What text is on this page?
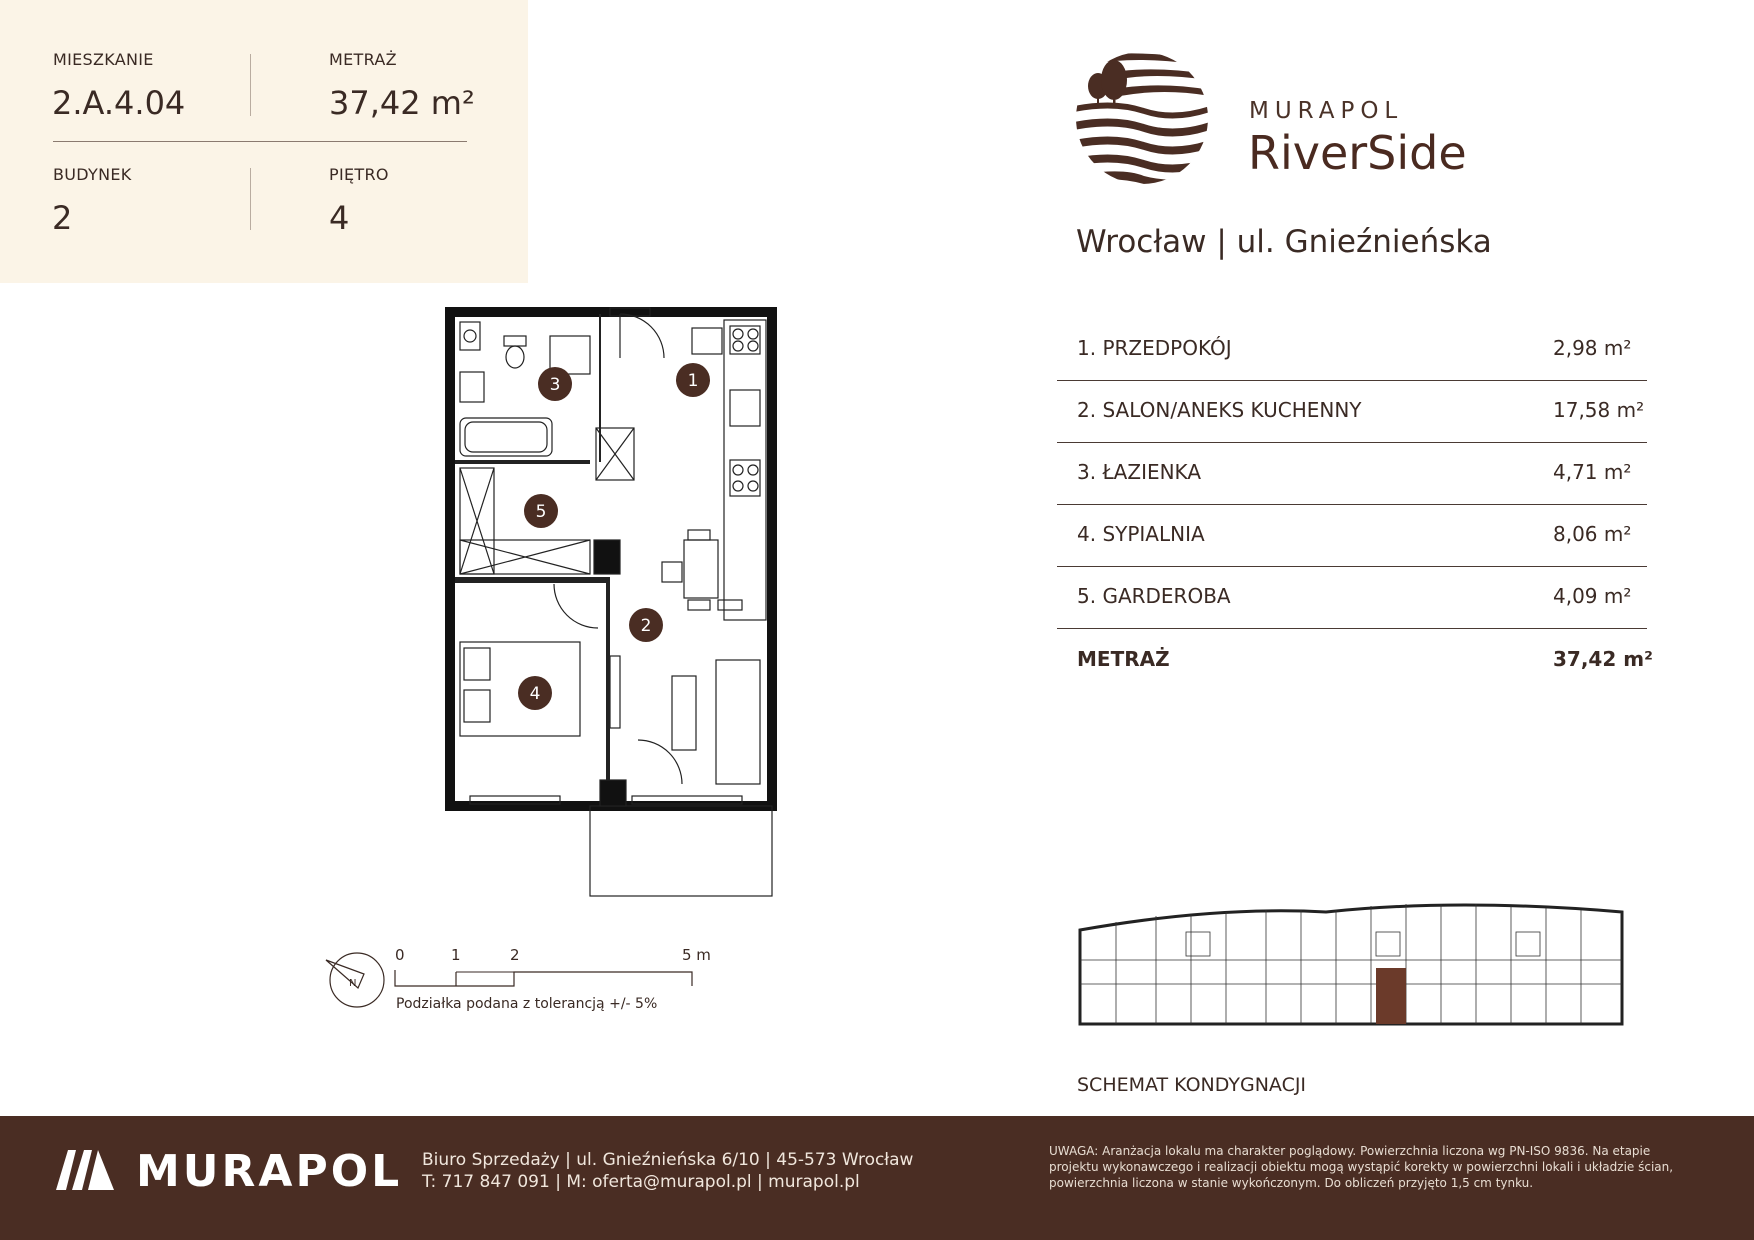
MIESZKANIE
2.A.4.04
METRAŻ
37,42 m²
BUDYNEK
2
PIĘTRO
4
MURAPOL
RiverSide
Wrocław | ul. Gnieźnieńska
1. PRZEDPOKÓJ	2,98 m²
2. SALON/ANEKS KUCHENNY	17,58 m²
3. ŁAZIENKA	4,71 m²
4. SYPIALNIA	8,06 m²
5. GARDEROBA	4,09 m²
METRAŻ	37,42 m²
1
2
3
4
5
N
0	1	2	5 m
Podziałka podana z tolerancją +/- 5%
SCHEMAT KONDYGNACJI
MURAPOL Biuro Sprzedaży | ul. Gnieźnieńska 6/10 | 45-573 Wrocław
T: 717 847 091 | M: oferta@murapol.pl | murapol.pl
UWAGA: Aranżacja lokalu ma charakter poglądowy. Powierzchnia liczona wg PN-ISO 9836. Na etapie projektu wykonawczego i realizacji obiektu mogą wystąpić korekty w powierzchni lokali i układzie ścian, powierzchnia liczona w stanie wykończonym. Do obliczeń przyjęto 1,5 cm tynku.
